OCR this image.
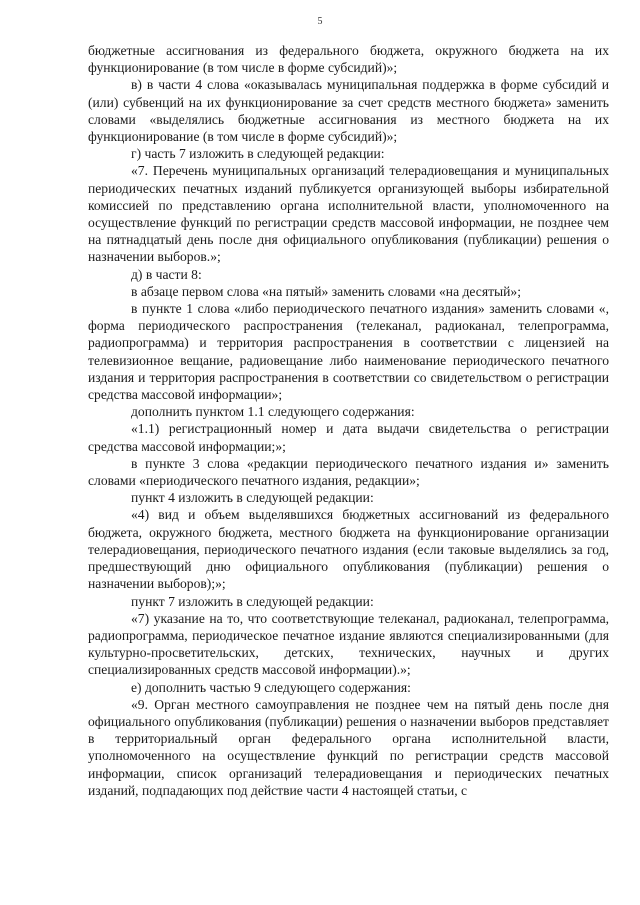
5

бюджетные ассигнования из федерального бюджета, окружного бюджета на их функционирование (в том числе в форме субсидий)»;

в) в части 4 слова «оказывалась муниципальная поддержка в форме субсидий и (или) субвенций на их функционирование за счет средств местного бюджета» заменить словами «выделялись бюджетные ассигнования из местного бюджета на их функционирование (в том числе в форме субсидий)»;

г) часть 7 изложить в следующей редакции:

«7. Перечень муниципальных организаций телерадиовещания и муниципальных периодических печатных изданий публикуется организующей выборы избирательной комиссией по представлению органа исполнительной власти, уполномоченного на осуществление функций по регистрации средств массовой информации, не позднее чем на пятнадцатый день после дня официального опубликования (публикации) решения о назначении выборов.»;

д) в части 8:

в абзаце первом слова «на пятый» заменить словами «на десятый»;

в пункте 1 слова «либо периодического печатного издания» заменить словами «, форма периодического распространения (телеканал, радиоканал, телепрограмма, радиопрограмма) и территория распространения в соответствии с лицензией на телевизионное вещание, радиовещание либо наименование периодического печатного издания и территория распространения в соответствии со свидетельством о регистрации средства массовой информации»;

дополнить пунктом 1.1 следующего содержания:

«1.1) регистрационный номер и дата выдачи свидетельства о регистрации средства массовой информации;»;

в пункте 3 слова «редакции периодического печатного издания и» заменить словами «периодического печатного издания, редакции»;

пункт 4 изложить в следующей редакции:

«4) вид и объем выделявшихся бюджетных ассигнований из федерального бюджета, окружного бюджета, местного бюджета на функционирование организации телерадиовещания, периодического печатного издания (если таковые выделялись за год, предшествующий дню официального опубликования (публикации) решения о назначении выборов);»;

пункт 7 изложить в следующей редакции:

«7) указание на то, что соответствующие телеканал, радиоканал, телепрограмма, радиопрограмма, периодическое печатное издание являются специализированными (для культурно-просветительских, детских, технических, научных и других специализированных средств массовой информации).»;

е) дополнить частью 9 следующего содержания:

«9. Орган местного самоуправления не позднее чем на пятый день после дня официального опубликования (публикации) решения о назначении выборов представляет в территориальный орган федерального органа исполнительной власти, уполномоченного на осуществление функций по регистрации средств массовой информации, список организаций телерадиовещания и периодических печатных изданий, подпадающих под действие части 4 настоящей статьи, с
